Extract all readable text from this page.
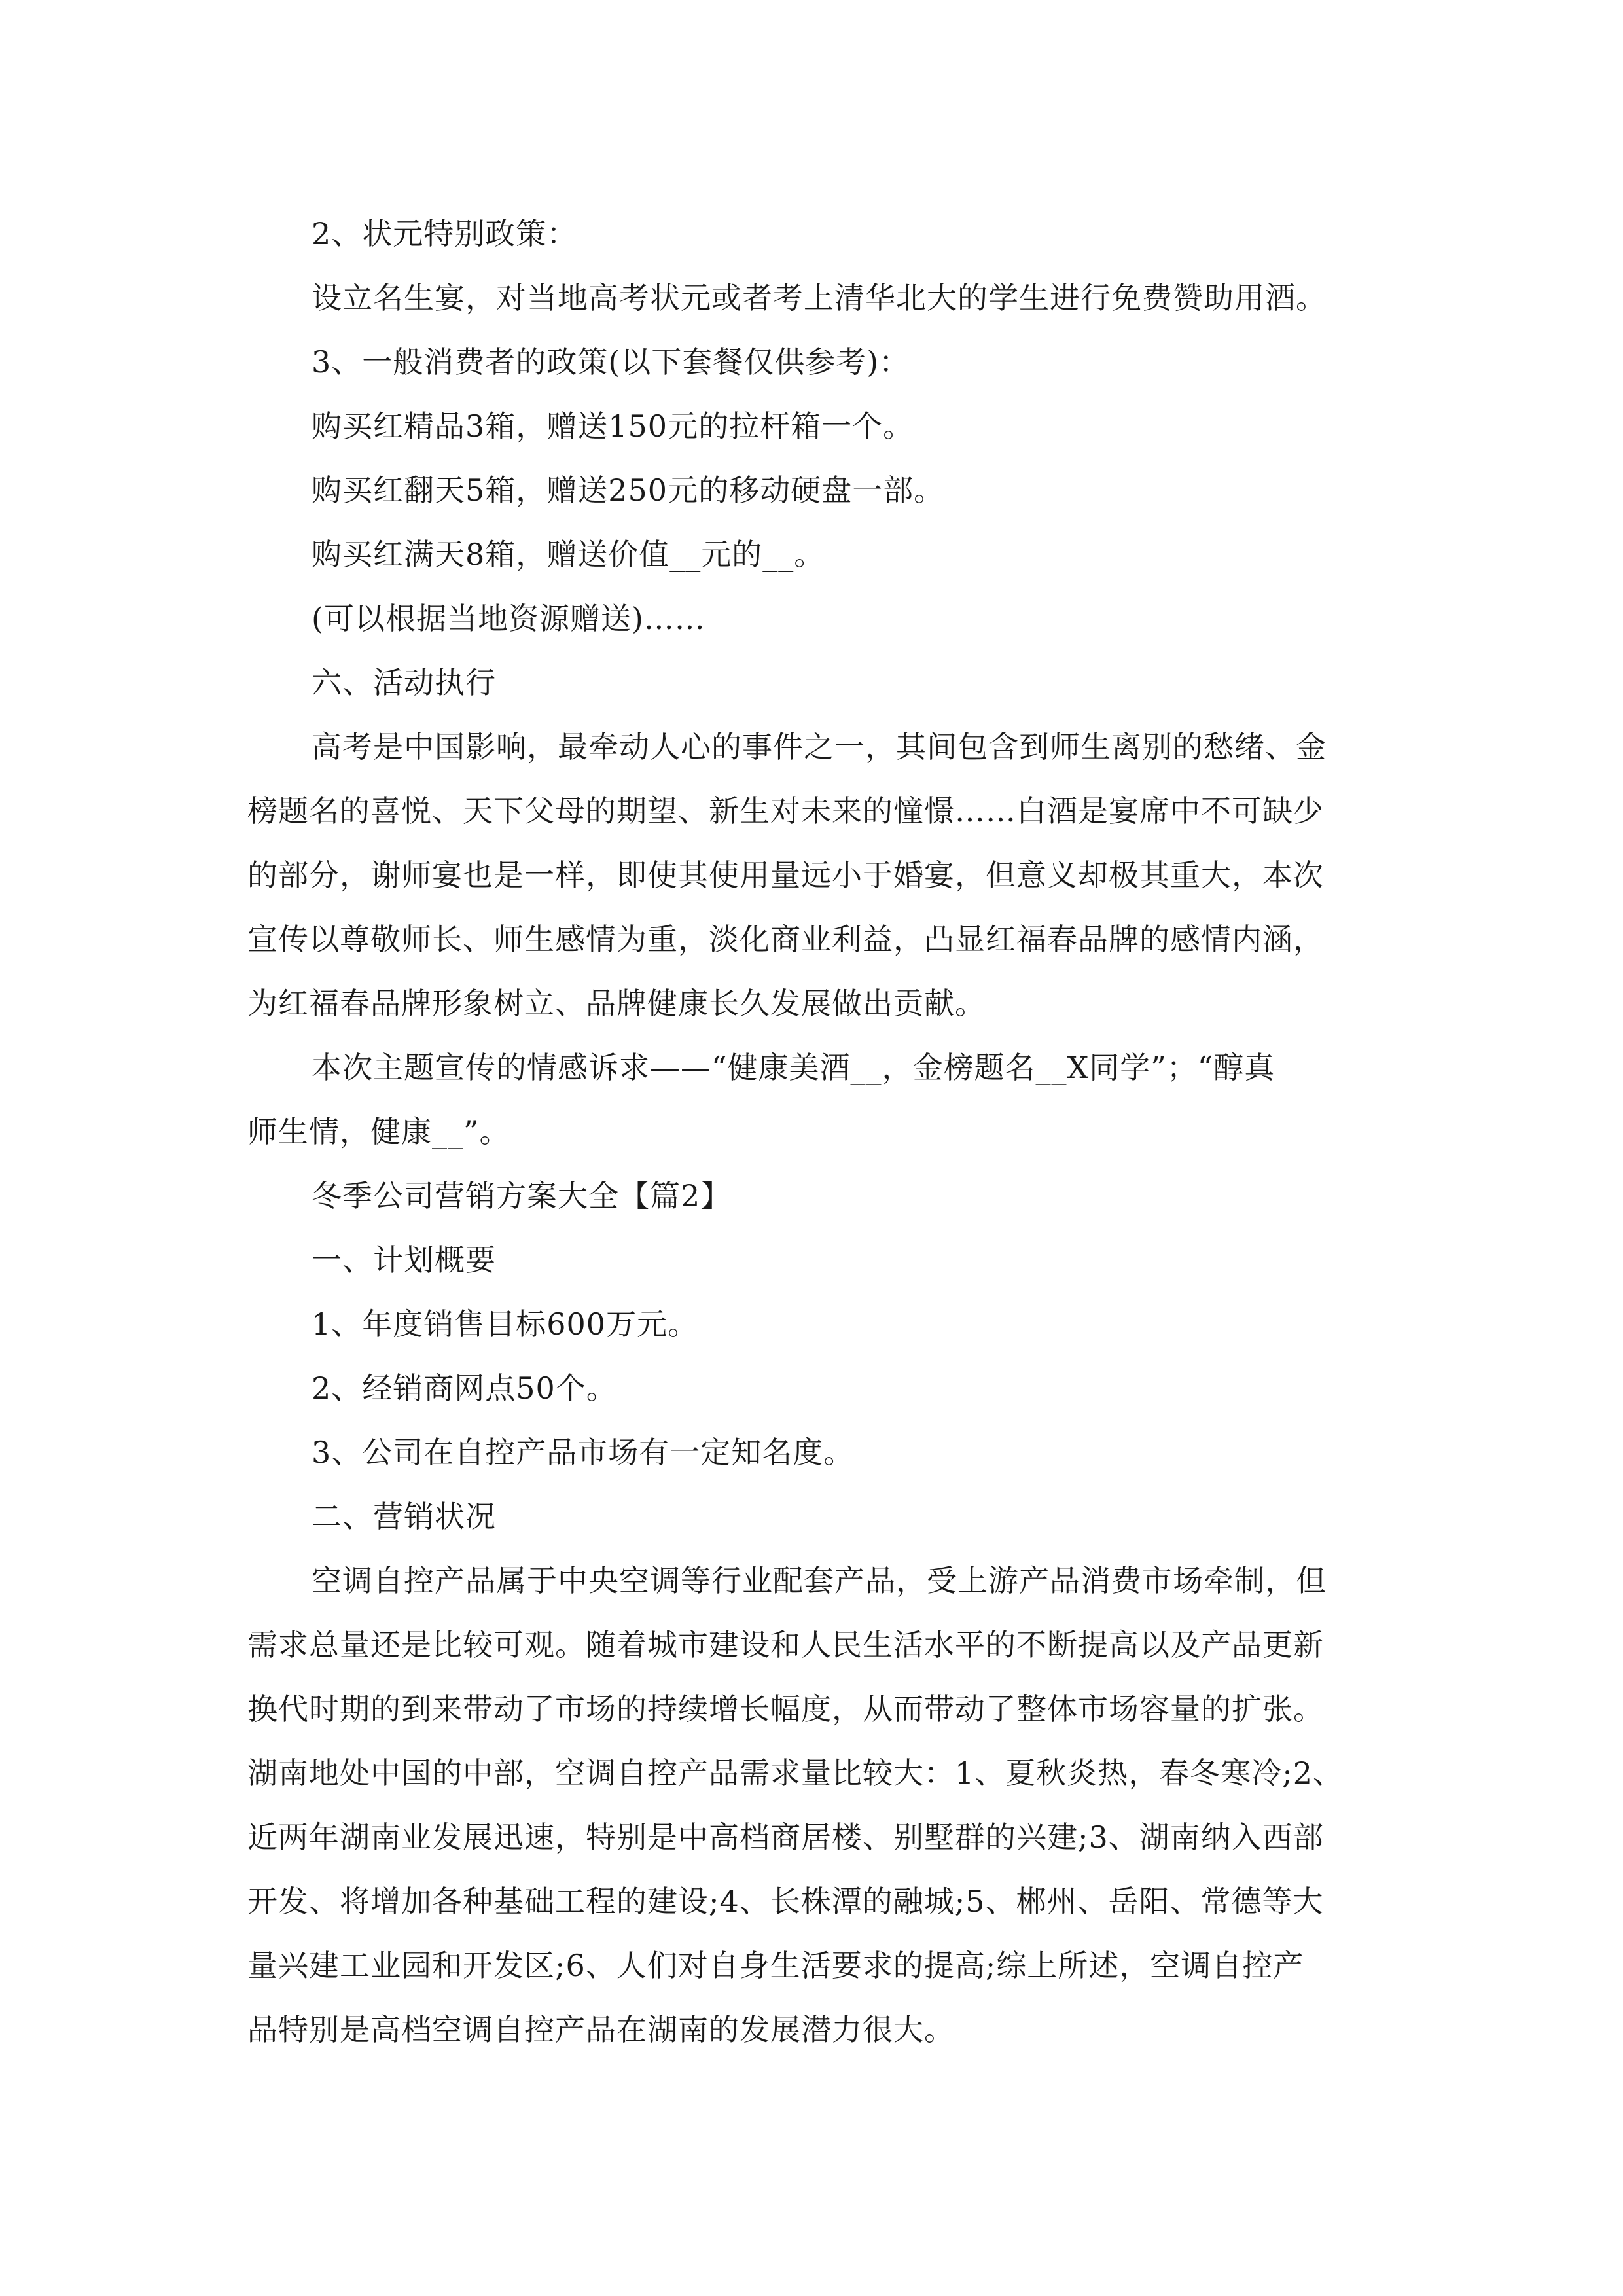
2、状元特别政策：
设立名生宴，对当地高考状元或者考上清华北大的学生进行免费赞助用酒。
3、一般消费者的政策(以下套餐仅供参考)：
购买红精品3箱，赠送150元的拉杆箱一个。
购买红翻天5箱，赠送250元的移动硬盘一部。
购买红满天8箱，赠送价值__元的__。
(可以根据当地资源赠送)……
六、活动执行
高考是中国影响，最牵动人心的事件之一，其间包含到师生离别的愁绪、金
榜题名的喜悦、天下父母的期望、新生对未来的憧憬……白酒是宴席中不可缺少
的部分，谢师宴也是一样，即使其使用量远小于婚宴，但意义却极其重大，本次
宣传以尊敬师长、师生感情为重，淡化商业利益，凸显红福春品牌的感情内涵，
为红福春品牌形象树立、品牌健康长久发展做出贡献。
本次主题宣传的情感诉求——“健康美酒__，金榜题名__X同学”；“醇真
师生情，健康__”。
冬季公司营销方案大全【篇2】
一、计划概要
1、年度销售目标600万元。
2、经销商网点50个。
3、公司在自控产品市场有一定知名度。
二、营销状况
空调自控产品属于中央空调等行业配套产品，受上游产品消费市场牵制，但
需求总量还是比较可观。随着城市建设和人民生活水平的不断提高以及产品更新
换代时期的到来带动了市场的持续增长幅度，从而带动了整体市场容量的扩张。
湖南地处中国的中部，空调自控产品需求量比较大：1、夏秋炎热，春冬寒冷;2、
近两年湖南业发展迅速，特别是中高档商居楼、别墅群的兴建;3、湖南纳入西部
开发、将增加各种基础工程的建设;4、长株潭的融城;5、郴州、岳阳、常德等大
量兴建工业园和开发区;6、人们对自身生活要求的提高;综上所述，空调自控产
品特别是高档空调自控产品在湖南的发展潜力很大。
